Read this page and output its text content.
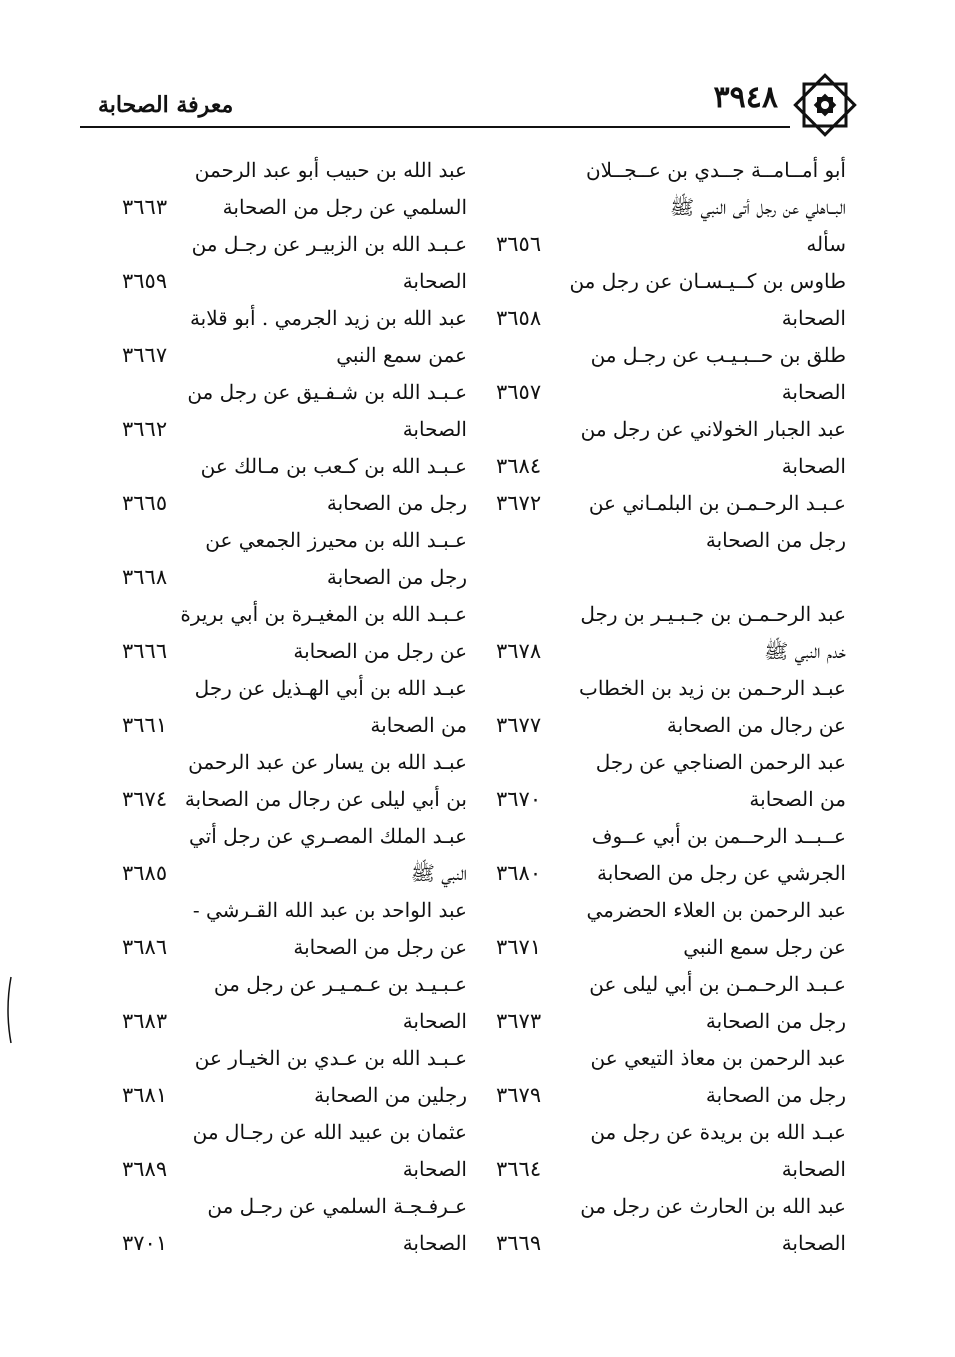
معرفة الصحابة	٣٩٤٨
أبو أمــامــة جــدي بن عــجــلان
البــاهلي عن رجل أتى النبي ﷺ
سأله
طاوس بن كــيـسـان عن رجل من
الصحابة
٣٦٥٦
طلق بن حــبـيـب عن رجـل من
الصحابة
٣٦٥٨
عبد الجبار الخولاني عن رجل من
الصحابة
٣٦٥٧
عـبـد الرحـمـن بن البلمـاني عن
رجل من الصحابة
٣٦٨٤
عبد الرحـمـن بن جـبـيـر بن رجل
خدم النبي ﷺ
٣٦٧٢
عبـد الرحـمن بن زيد بن الخطاب
عن رجال من الصحابة
٣٦٧٨
عبد الرحمن الصناجي عن رجل
من الصحابة
٣٦٧٧
عــبــد الرحــمن بن أبي عــوف
الجرشي عن رجل من الصحابة
٣٦٧٠
عبد الرحمن بن العلاء الحضرمي
عن رجل سمع النبي
٣٦٨٠
عـبـد الرحـمـن بن أبي ليلى عن
رجل من الصحابة
٣٦٧١
عبد الرحمن بن معاذ التيعي عن
رجل من الصحابة
٣٦٧٣
عبـد الله بن بريدة عن رجل من
الصحابة
٣٦٧٩
عبد الله بن الحارث عن رجل من
الصحابة
٣٦٦٤
٣٦٦٩
عبد الله بن حبيب أبو عبد الرحمن
السلمي عن رجل من الصحابة
٣٦٦٣
عـبـد الله بن الزبيـر عن رجـل من
الصحابة
٣٦٥٩
عبد الله بن زيد الجرمي . أبو قلابة
عمن سمع النبي
٣٦٦٧
عـبـد الله بن شـفـيق عن رجل من
الصحابة
٣٦٦٢
عـبـد الله بن كـعب بن مـالك عن
رجل من الصحابة
٣٦٦٥
عـبـد الله بن محيرز الجمعي عن
رجل من الصحابة
٣٦٦٨
عـبـد الله بن المغيـرة بن أبي بريرة
عن رجل من الصحابة
٣٦٦٦
عبـد الله بن أبي الهـذيل عن رجل
من الصحابة
٣٦٦١
عبـد الله بن يسار عن عبد الرحمن
بن أبي ليلى عن رجال من الصحابة
٣٦٧٤
عبـد الملك المصـري عن رجل أتي
النبي ﷺ
٣٦٨٥
عبد الواحد بن عبد الله القـرشي -
عن رجل من الصحابة
٣٦٨٦
عـبـيـد بن عـمـيـر عن رجل من
الصحابة
٣٦٨٣
عـبـد الله بن عـدي بن الخيـار عن
رجلين من الصحابة
٣٦٨١
عثمان بن عبيد الله عن رجـال من
الصحابة
٣٦٨٩
عـرفـجـة السلمي عن رجـل من
الصحابة
٣٧٠١
